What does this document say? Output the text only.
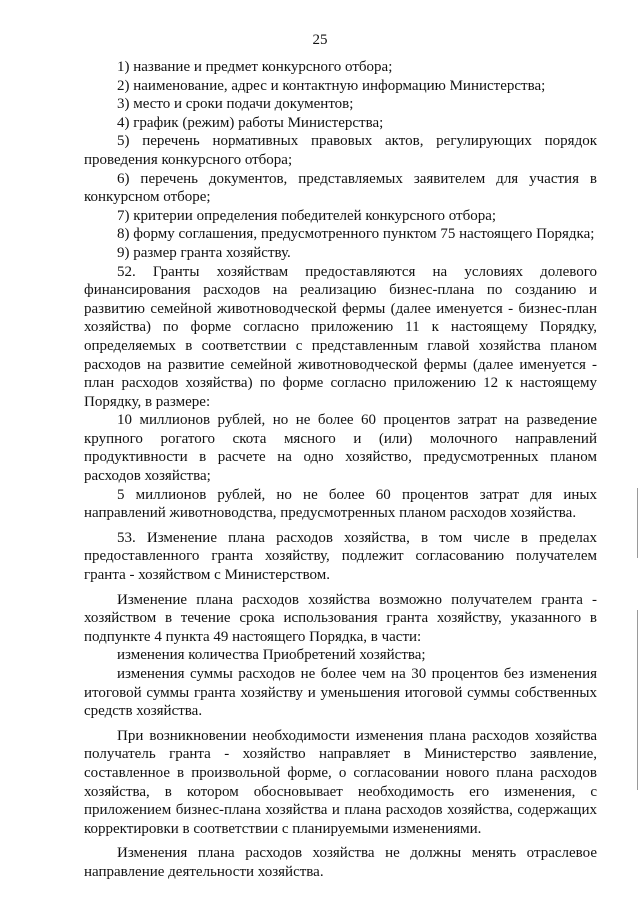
25

1) название и предмет конкурсного отбора;

2) наименование, адрес и контактную информацию Министерства;

3) место и сроки подачи документов;

4) график (режим) работы Министерства;

5) перечень нормативных правовых актов, регулирующих порядок проведения конкурсного отбора;

6) перечень документов, представляемых заявителем для участия в конкурсном отборе;

7) критерии определения победителей конкурсного отбора;

8) форму соглашения, предусмотренного пунктом 75 настоящего Порядка;

9) размер гранта хозяйству.

52. Гранты хозяйствам предоставляются на условиях долевого финансирования расходов на реализацию бизнес-плана по созданию и развитию семейной животноводческой фермы (далее именуется - бизнес-план хозяйства) по форме согласно приложению 11 к настоящему Порядку, определяемых в соответствии с представленным главой хозяйства планом расходов на развитие семейной животноводческой фермы (далее именуется - план расходов хозяйства) по форме согласно приложению 12 к настоящему Порядку, в размере:

10 миллионов рублей, но не более 60 процентов затрат на разведение крупного рогатого скота мясного и (или) молочного направлений продуктивности в расчете на одно хозяйство, предусмотренных планом расходов хозяйства;

5 миллионов рублей, но не более 60 процентов затрат для иных направлений животноводства, предусмотренных планом расходов хозяйства.

53. Изменение плана расходов хозяйства, в том числе в пределах предоставленного гранта хозяйству, подлежит согласованию получателем гранта - хозяйством с Министерством.

Изменение плана расходов хозяйства возможно получателем гранта - хозяйством в течение срока использования гранта хозяйству, указанного в подпункте 4 пункта 49 настоящего Порядка, в части:

изменения количества Приобретений хозяйства;

изменения суммы расходов не более чем на 30 процентов без изменения итоговой суммы гранта хозяйству и уменьшения итоговой суммы собственных средств хозяйства.

При возникновении необходимости изменения плана расходов хозяйства получатель гранта - хозяйство направляет в Министерство заявление, составленное в произвольной форме, о согласовании нового плана расходов хозяйства, в котором обосновывает необходимость его изменения, с приложением бизнес-плана хозяйства и плана расходов хозяйства, содержащих корректировки в соответствии с планируемыми изменениями.

Изменения плана расходов хозяйства не должны менять отраслевое направление деятельности хозяйства.
